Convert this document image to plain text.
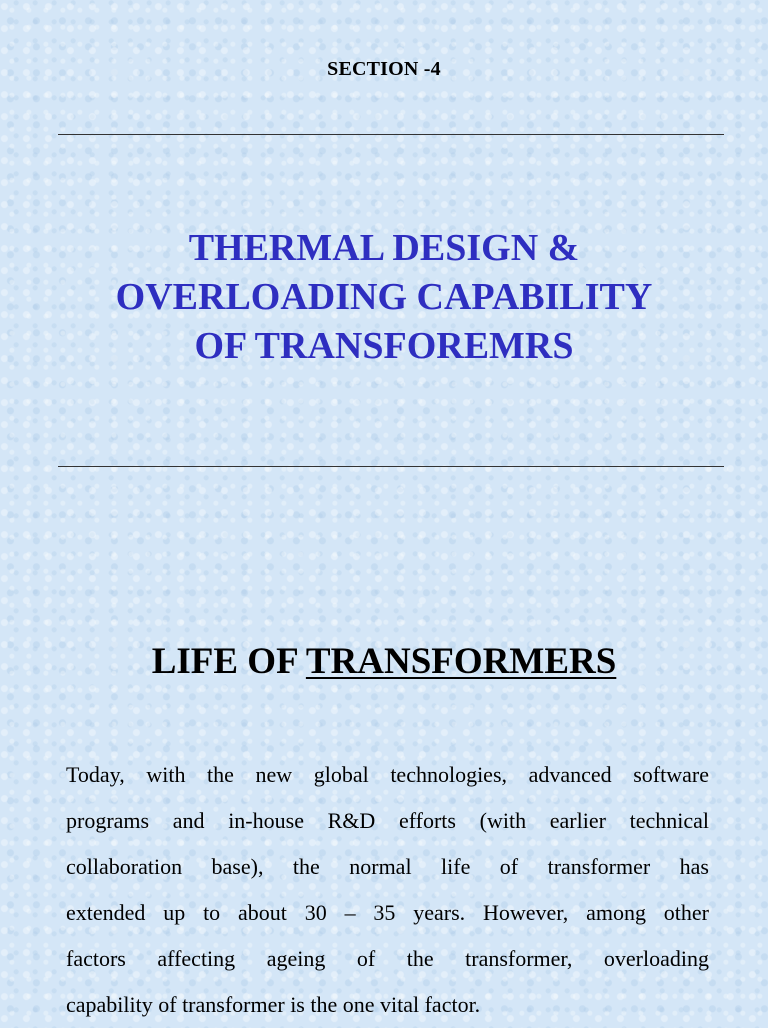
SECTION -4
THERMAL DESIGN &
OVERLOADING CAPABILITY
OF TRANSFOREMRS
LIFE OF TRANSFORMERS
Today, with the new global technologies, advanced software
programs and in-house R&D efforts (with earlier technical
collaboration base), the normal life of transformer has
extended up to about 30 – 35 years. However, among other
factors affecting ageing of the transformer, overloading
capability of transformer is the one vital factor.
